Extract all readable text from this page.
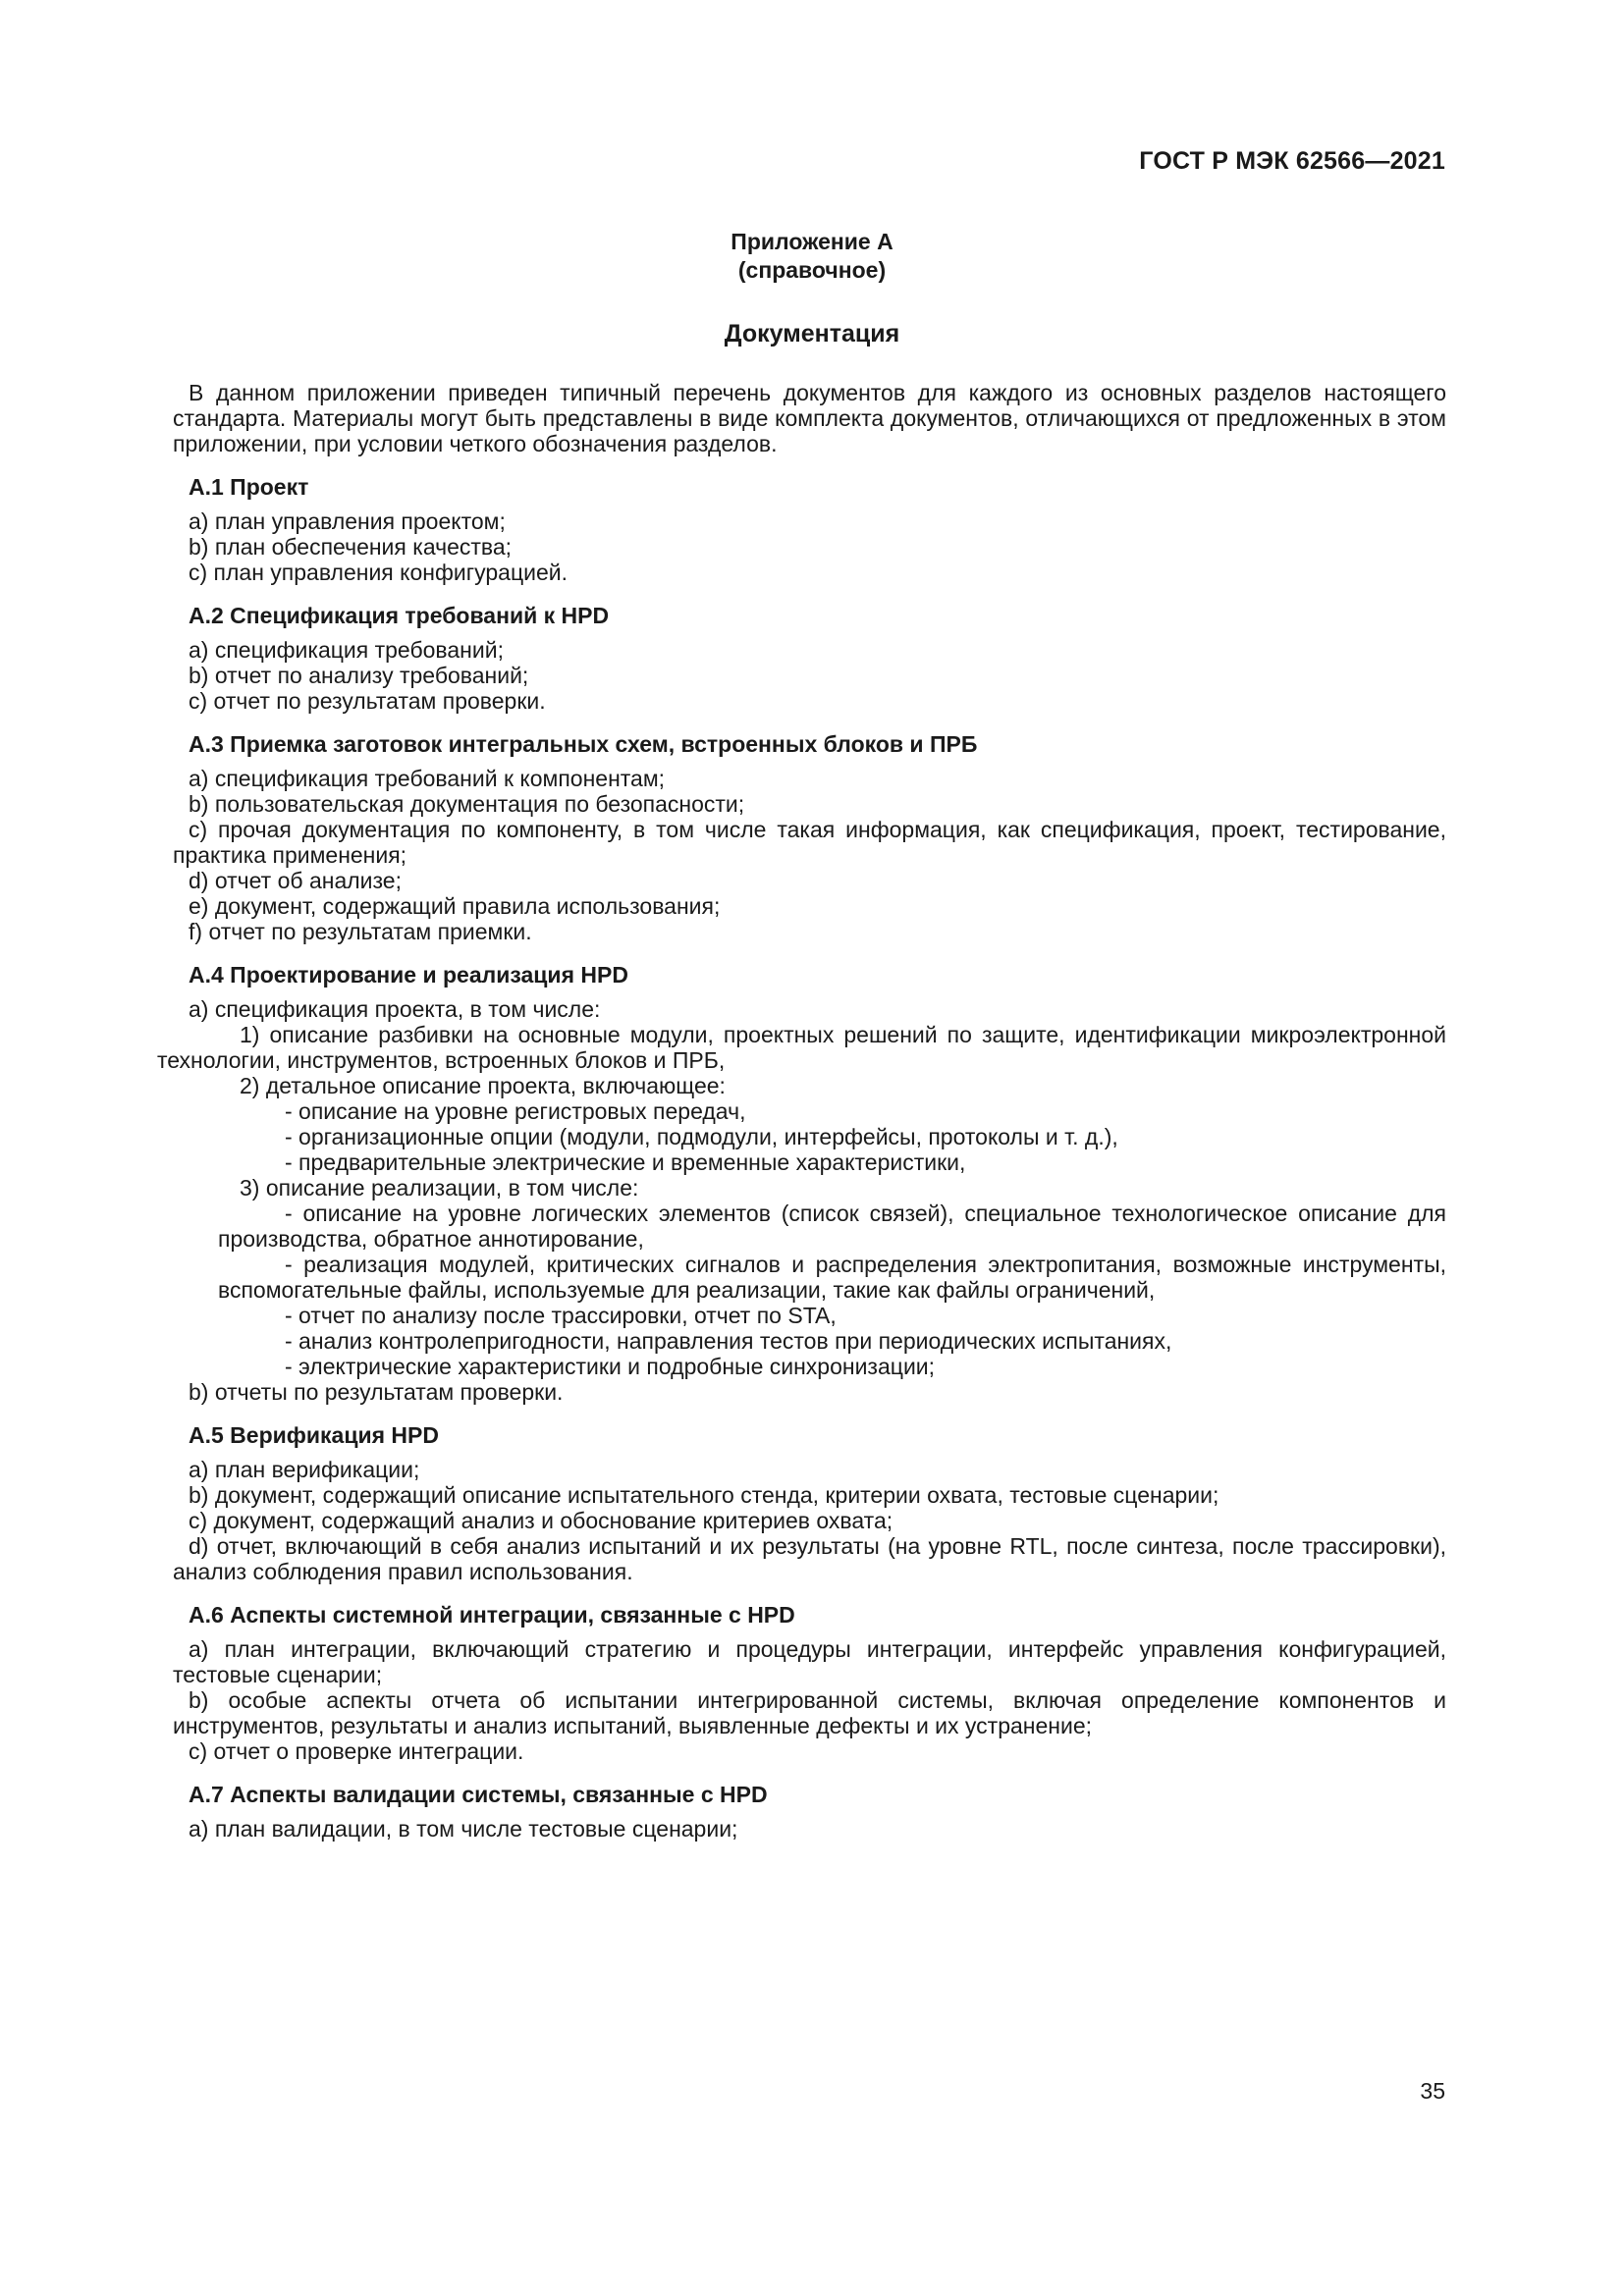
ГОСТ Р МЭК 62566—2021
Приложение А
(справочное)
Документация

В данном приложении приведен типичный перечень документов для каждого из основных разделов настоящего стандарта. Материалы могут быть представлены в виде комплекта документов, отличающихся от предложенных в этом приложении, при условии четкого обозначения разделов.

А.1 Проект
a) план управления проектом;
b) план обеспечения качества;
c) план управления конфигурацией.
А.2 Спецификация требований к HPD
a) спецификация требований;
b) отчет по анализу требований;
c) отчет по результатам проверки.
А.3 Приемка заготовок интегральных схем, встроенных блоков и ПРБ
a) спецификация требований к компонентам;
b) пользовательская документация по безопасности;

c) прочая документация по компоненту, в том числе такая информация, как спецификация, проект, тестирование, практика применения;

d) отчет об анализе;
e) документ, содержащий правила использования;
f) отчет по результатам приемки.
А.4 Проектирование и реализация HPD
a) спецификация проекта, в том числе:

1) описание разбивки на основные модули, проектных решений по защите, идентификации микроэлектронной технологии, инструментов, встроенных блоков и ПРБ,

2) детальное описание проекта, включающее:
- описание на уровне регистровых передач,
- организационные опции (модули, подмодули, интерфейсы, протоколы и т. д.),
- предварительные электрические и временные характеристики,
3) описание реализации, в том числе:

- описание на уровне логических элементов (список связей), специальное технологическое описание для производства, обратное аннотирование,

- реализация модулей, критических сигналов и распределения электропитания, возможные инструменты, вспомогательные файлы, используемые для реализации, такие как файлы ограничений,

- отчет по анализу после трассировки, отчет по STA,
- анализ контролепригодности, направления тестов при периодических испытаниях,
- электрические характеристики и подробные синхронизации;
b) отчеты по результатам проверки.
А.5 Верификация HPD
a) план верификации;
b) документ, содержащий описание испытательного стенда, критерии охвата, тестовые сценарии;
c) документ, содержащий анализ и обоснование критериев охвата;

d) отчет, включающий в себя анализ испытаний и их результаты (на уровне RTL, после синтеза, после трассировки), анализ соблюдения правил использования.

А.6 Аспекты системной интеграции, связанные с HPD

a) план интеграции, включающий стратегию и процедуры интеграции, интерфейс управления конфигурацией, тестовые сценарии;

b) особые аспекты отчета об испытании интегрированной системы, включая определение компонентов и инструментов, результаты и анализ испытаний, выявленные дефекты и их устранение;

c) отчет о проверке интеграции.
А.7 Аспекты валидации системы, связанные с HPD
a) план валидации, в том числе тестовые сценарии;
35
